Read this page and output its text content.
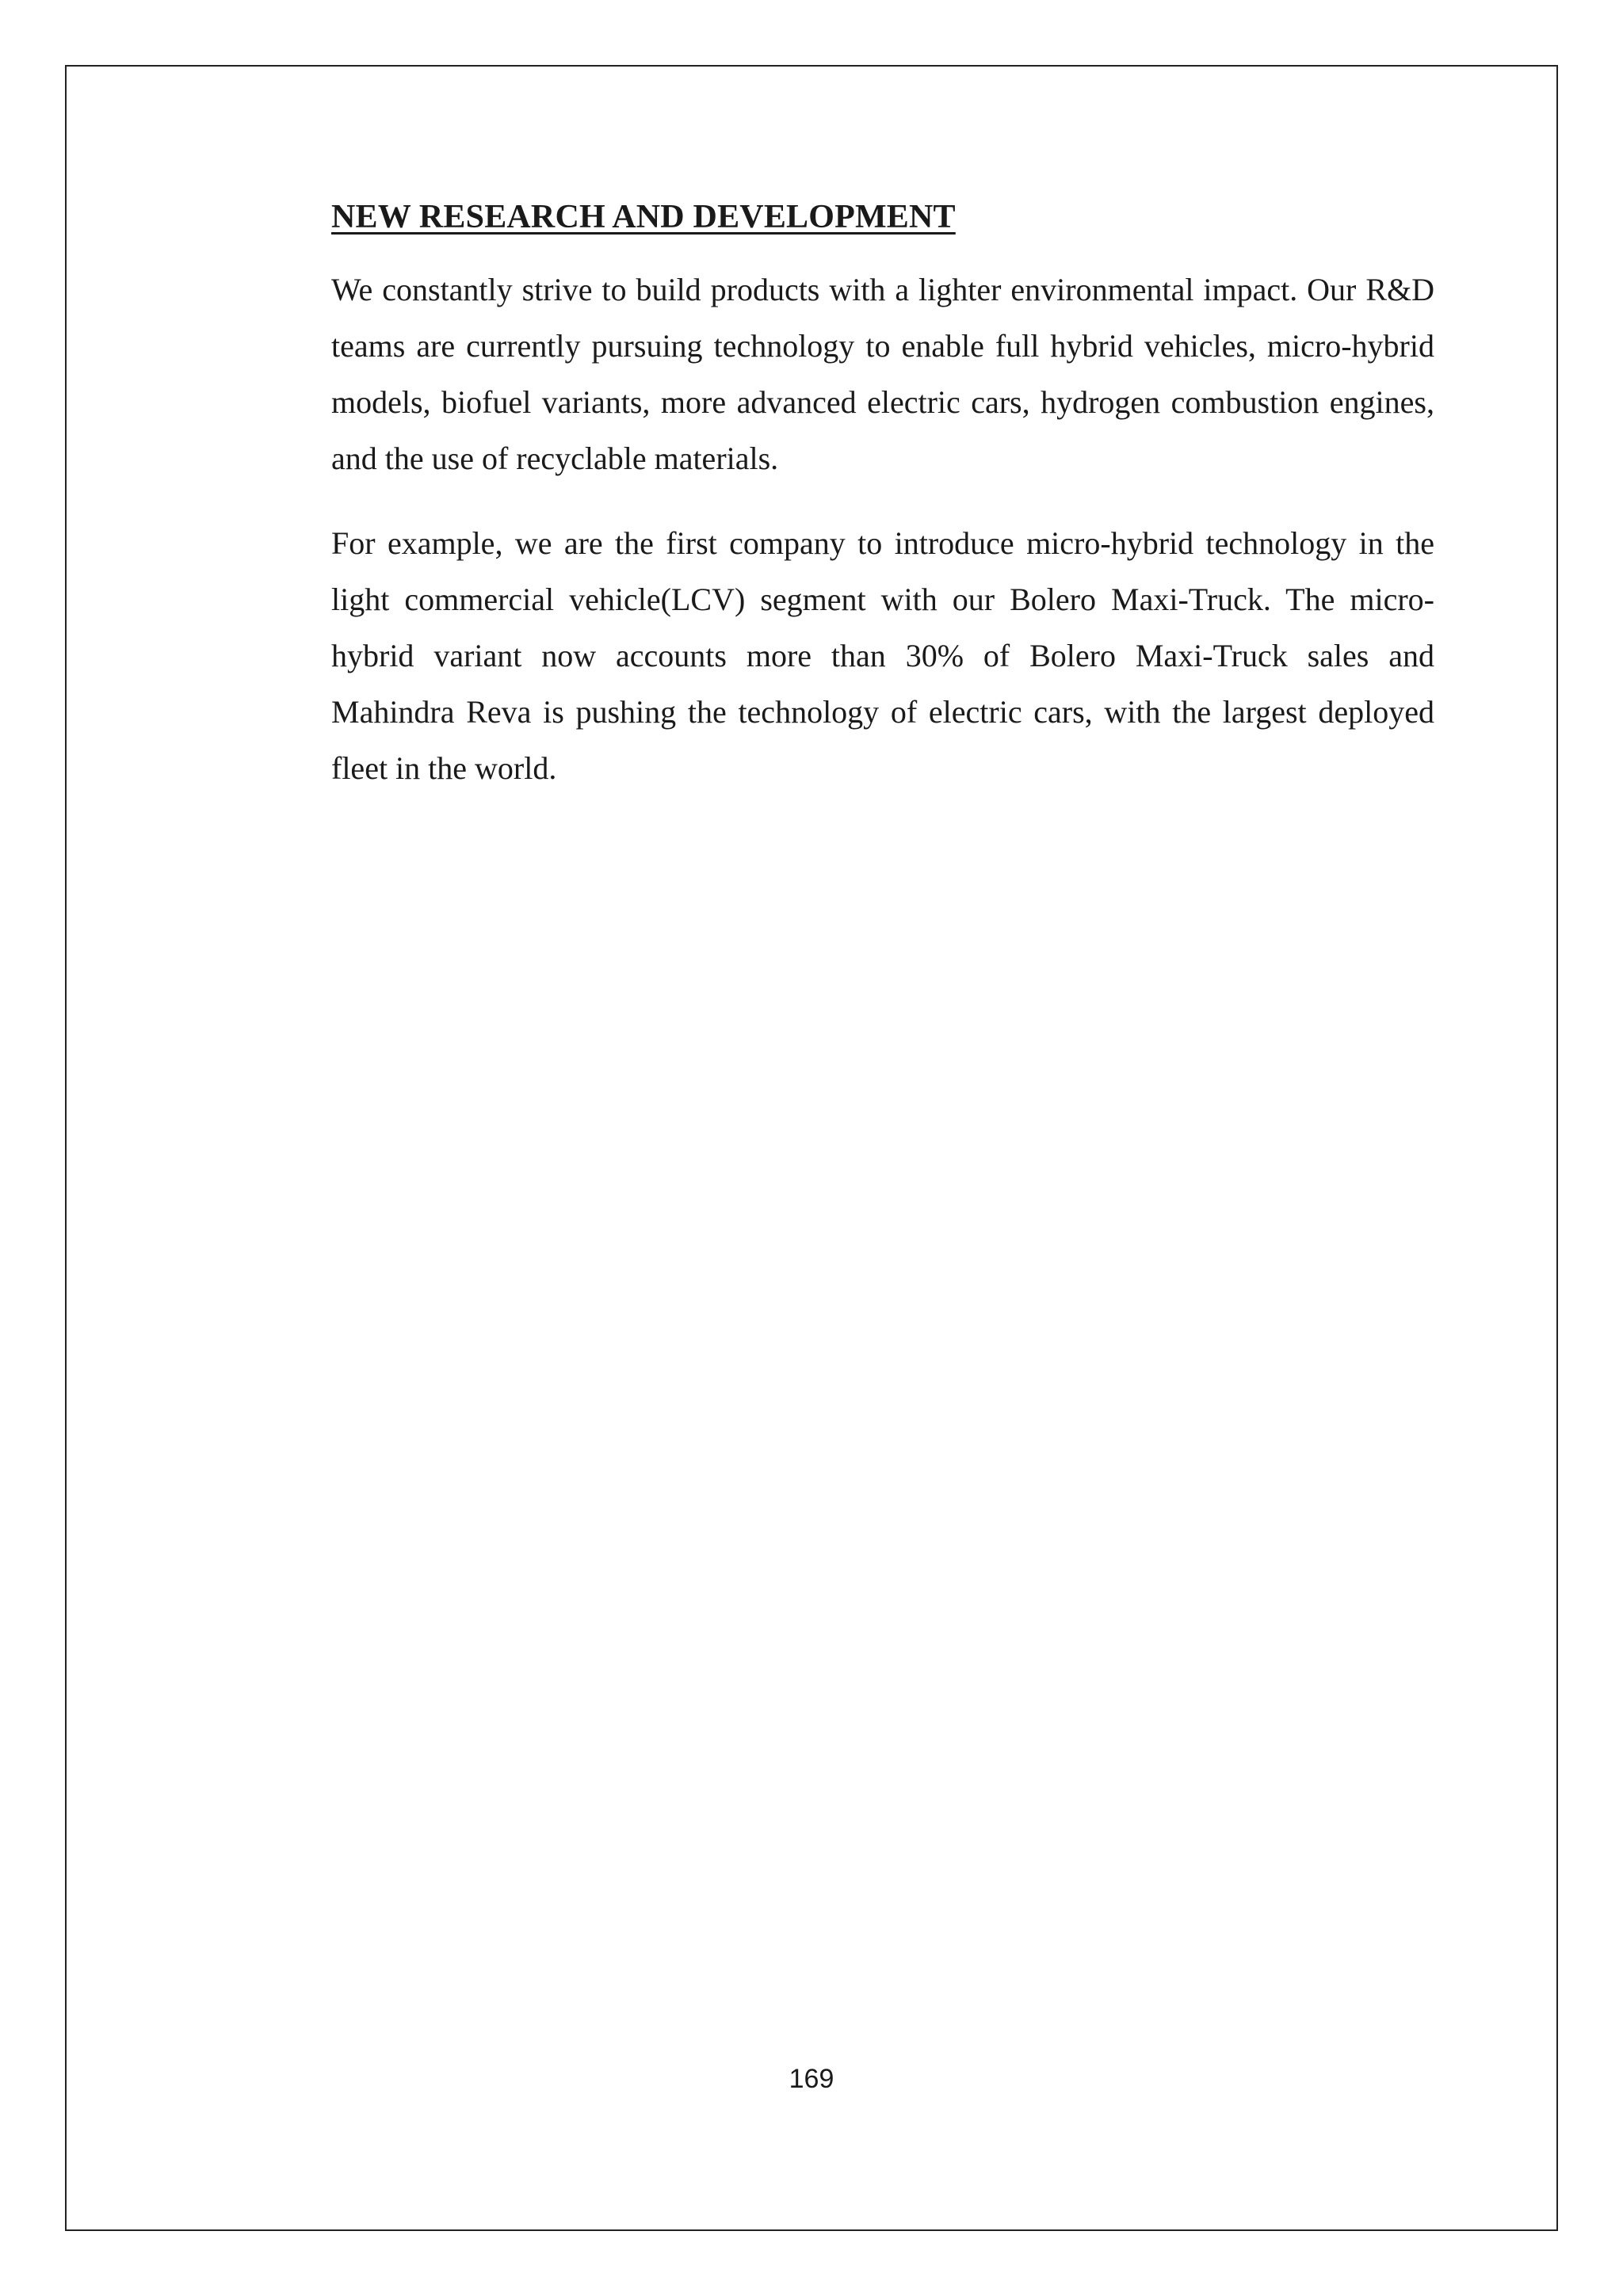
NEW RESEARCH AND DEVELOPMENT

We constantly strive to build products with a lighter environmental impact. Our R&D teams are currently pursuing technology to enable full hybrid vehicles, micro-hybrid models, biofuel variants, more advanced electric cars, hydrogen combustion engines, and the use of recyclable materials.

For example, we are the first company to introduce micro-hybrid technology in the light commercial vehicle(LCV) segment with our Bolero Maxi-Truck. The micro-hybrid variant now accounts more than 30% of Bolero Maxi-Truck sales and Mahindra Reva is pushing the technology of electric cars, with the largest deployed fleet in the world.

169
